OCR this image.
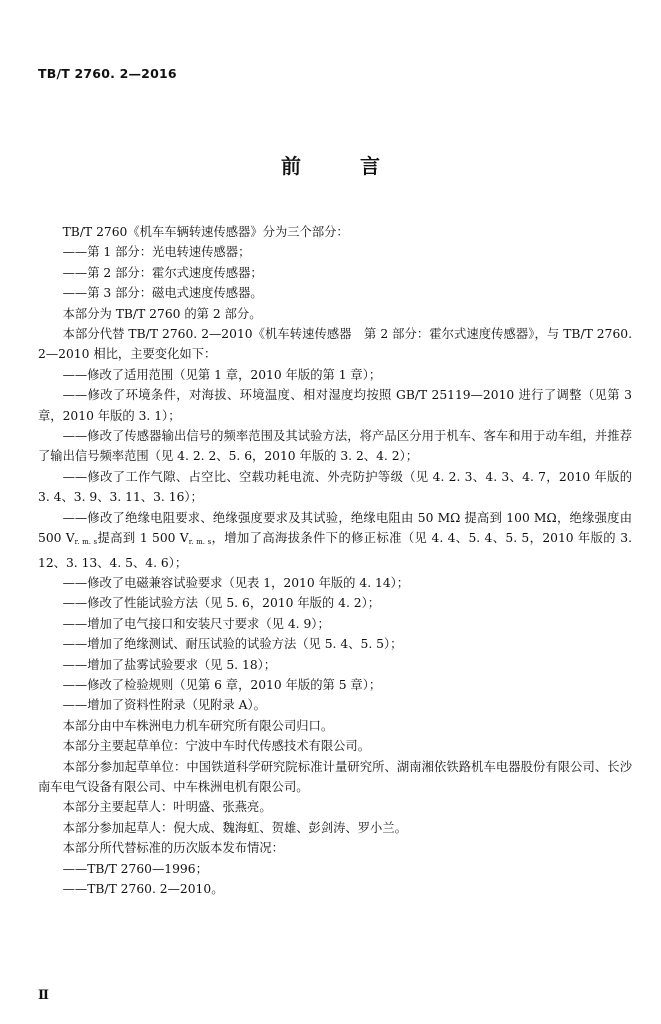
TB/T 2760. 2—2016
前 言

TB/T 2760《机车车辆转速传感器》分为三个部分：

——第 1 部分：光电转速传感器；

——第 2 部分：霍尔式速度传感器；

——第 3 部分：磁电式速度传感器。

本部分为 TB/T 2760 的第 2 部分。

本部分代替 TB/T 2760. 2—2010《机车转速传感器　第 2 部分：霍尔式速度传感器》，与 TB/T 2760. 2—2010 相比，主要变化如下：

——修改了适用范围（见第 1 章，2010 年版的第 1 章）；

——修改了环境条件，对海拔、环境温度、相对湿度均按照 GB/T 25119—2010 进行了调整（见第 3 章，2010 年版的 3. 1）；

——修改了传感器输出信号的频率范围及其试验方法，将产品区分用于机车、客车和用于动车组，并推荐了输出信号频率范围（见 4. 2. 2、5. 6，2010 年版的 3. 2、4. 2）；

——修改了工作气隙、占空比、空载功耗电流、外壳防护等级（见 4. 2. 3、4. 3、4. 7，2010 年版的 3. 4、3. 9、3. 11、3. 16）；

——修改了绝缘电阻要求、绝缘强度要求及其试验，绝缘电阻由 50 MΩ 提高到 100 MΩ，绝缘强度由 500 $V_{r. m. s}$提高到 1 500 $V_{r. m. s}$，增加了高海拔条件下的修正标准（见 4. 4、5. 4、5. 5，2010 年版的 3. 12、3. 13、4. 5、4. 6）；

——修改了电磁兼容试验要求（见表 1，2010 年版的 4. 14）；

——修改了性能试验方法（见 5. 6，2010 年版的 4. 2）；

——增加了电气接口和安装尺寸要求（见 4. 9）；

——增加了绝缘测试、耐压试验的试验方法（见 5. 4、5. 5）；

——增加了盐雾试验要求（见 5. 18）；

——修改了检验规则（见第 6 章，2010 年版的第 5 章）；

——增加了资料性附录（见附录 A）。

本部分由中车株洲电力机车研究所有限公司归口。

本部分主要起草单位：宁波中车时代传感技术有限公司。

本部分参加起草单位：中国铁道科学研究院标准计量研究所、湖南湘依铁路机车电器股份有限公司、长沙南车电气设备有限公司、中车株洲电机有限公司。

本部分主要起草人：叶明盛、张燕亮。

本部分参加起草人：倪大成、魏海虹、贺雄、彭剑涛、罗小兰。

本部分所代替标准的历次版本发布情况：

——TB/T 2760—1996；

——TB/T 2760. 2—2010。

Ⅱ
